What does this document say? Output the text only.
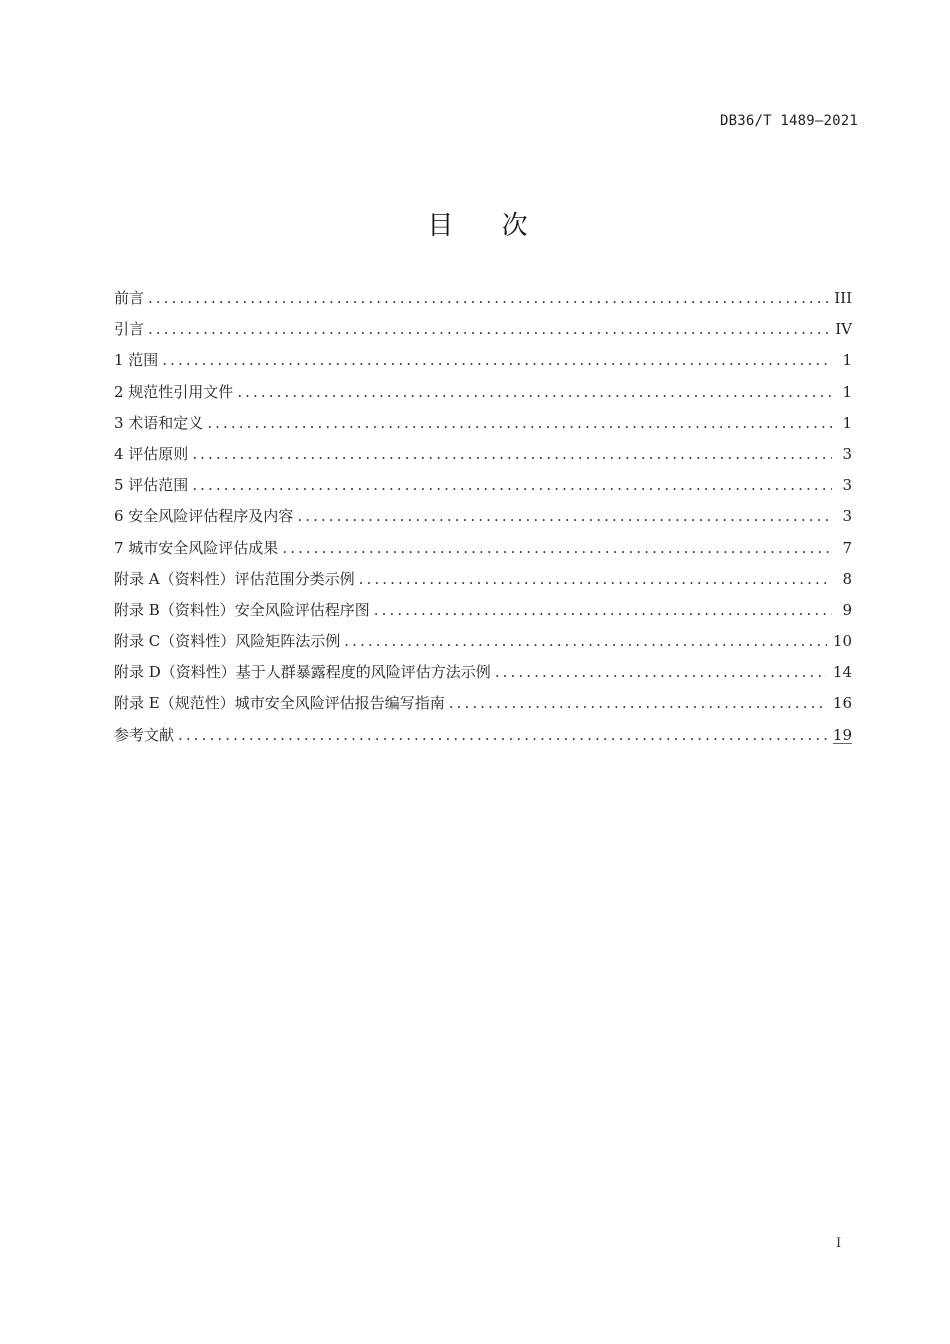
DB36/T 1489—2021
目 次
前言 .....	III
引言 .....	IV
1 范围 .....	1
2 规范性引用文件 .....	1
3 术语和定义 .....	1
4 评估原则 .....	3
5 评估范围 .....	3
6 安全风险评估程序及内容 .....	3
7 城市安全风险评估成果 .....	7
附录 A（资料性）评估范围分类示例 .....	8
附录 B（资料性）安全风险评估程序图 .....	9
附录 C（资料性）风险矩阵法示例 .....	10
附录 D（资料性）基于人群暴露程度的风险评估方法示例 .....	14
附录 E（规范性）城市安全风险评估报告编写指南 .....	16
参考文献 .....	19
I
